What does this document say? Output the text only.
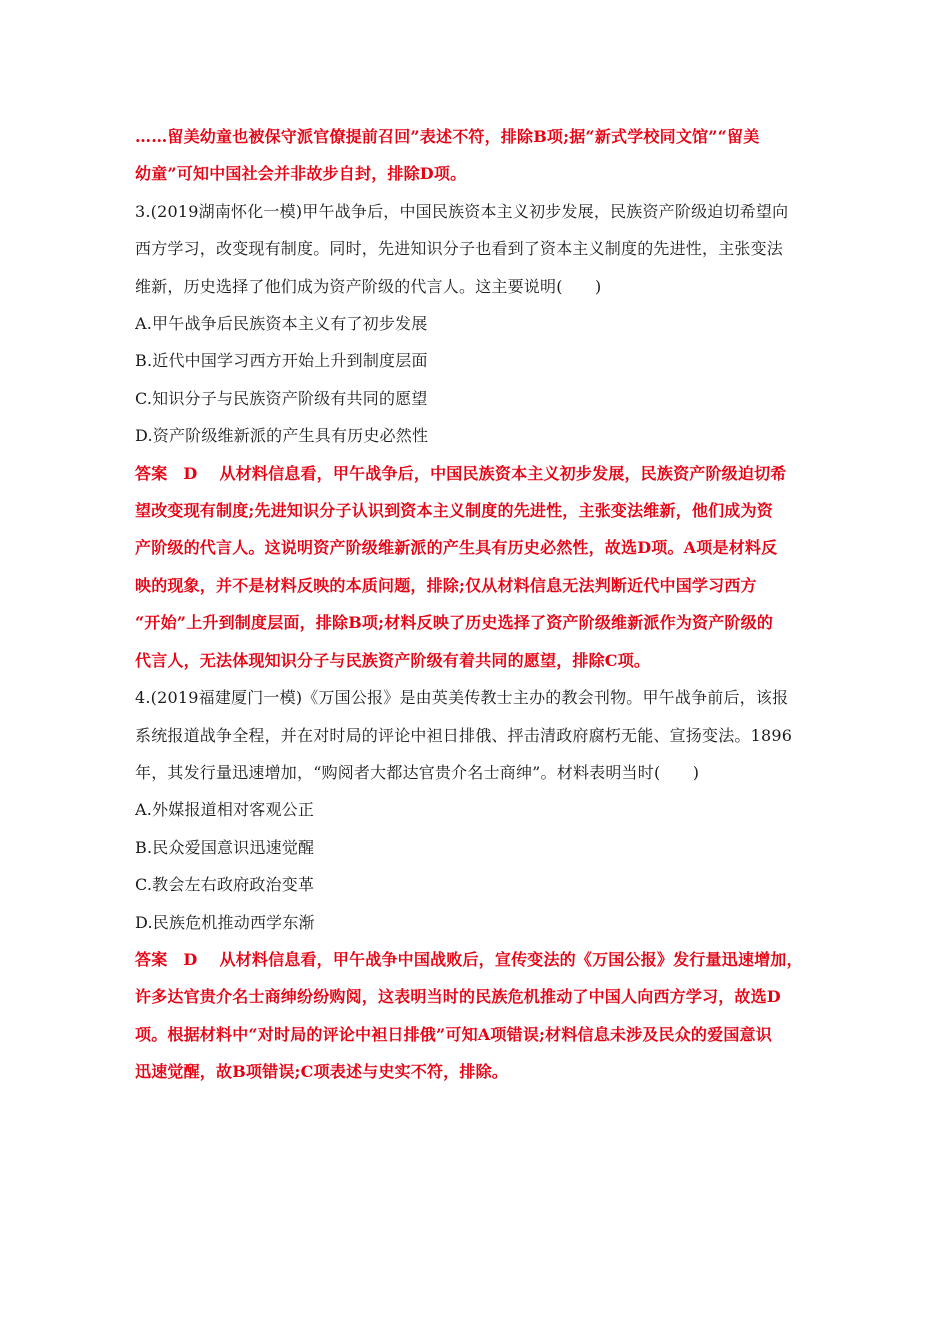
……留美幼童也被保守派官僚提前召回”表述不符，排除B项;据“新式学校同文馆”“留美
幼童”可知中国社会并非故步自封，排除D项。
3.(2019湖南怀化一模)甲午战争后，中国民族资本主义初步发展，民族资产阶级迫切希望向
西方学习，改变现有制度。同时，先进知识分子也看到了资本主义制度的先进性，主张变法
维新，历史选择了他们成为资产阶级的代言人。这主要说明(　　)
A.甲午战争后民族资本主义有了初步发展
B.近代中国学习西方开始上升到制度层面
C.知识分子与民族资产阶级有共同的愿望
D.资产阶级维新派的产生具有历史必然性
答案 D 从材料信息看，甲午战争后，中国民族资本主义初步发展，民族资产阶级迫切希
望改变现有制度;先进知识分子认识到资本主义制度的先进性，主张变法维新，他们成为资
产阶级的代言人。这说明资产阶级维新派的产生具有历史必然性，故选D项。A项是材料反
映的现象，并不是材料反映的本质问题，排除;仅从材料信息无法判断近代中国学习西方
“开始”上升到制度层面，排除B项;材料反映了历史选择了资产阶级维新派作为资产阶级的
代言人，无法体现知识分子与民族资产阶级有着共同的愿望，排除C项。
4.(2019福建厦门一模)《万国公报》是由英美传教士主办的教会刊物。甲午战争前后，该报
系统报道战争全程，并在对时局的评论中袒日排俄、抨击清政府腐朽无能、宣扬变法。1896
年，其发行量迅速增加，“购阅者大都达官贵介名士商绅”。材料表明当时(　　)
A.外媒报道相对客观公正
B.民众爱国意识迅速觉醒
C.教会左右政府政治变革
D.民族危机推动西学东渐
答案 D 从材料信息看，甲午战争中国战败后，宣传变法的《万国公报》发行量迅速增加，
许多达官贵介名士商绅纷纷购阅，这表明当时的民族危机推动了中国人向西方学习，故选D
项。根据材料中“对时局的评论中袒日排俄”可知A项错误;材料信息未涉及民众的爱国意识
迅速觉醒，故B项错误;C项表述与史实不符，排除。
